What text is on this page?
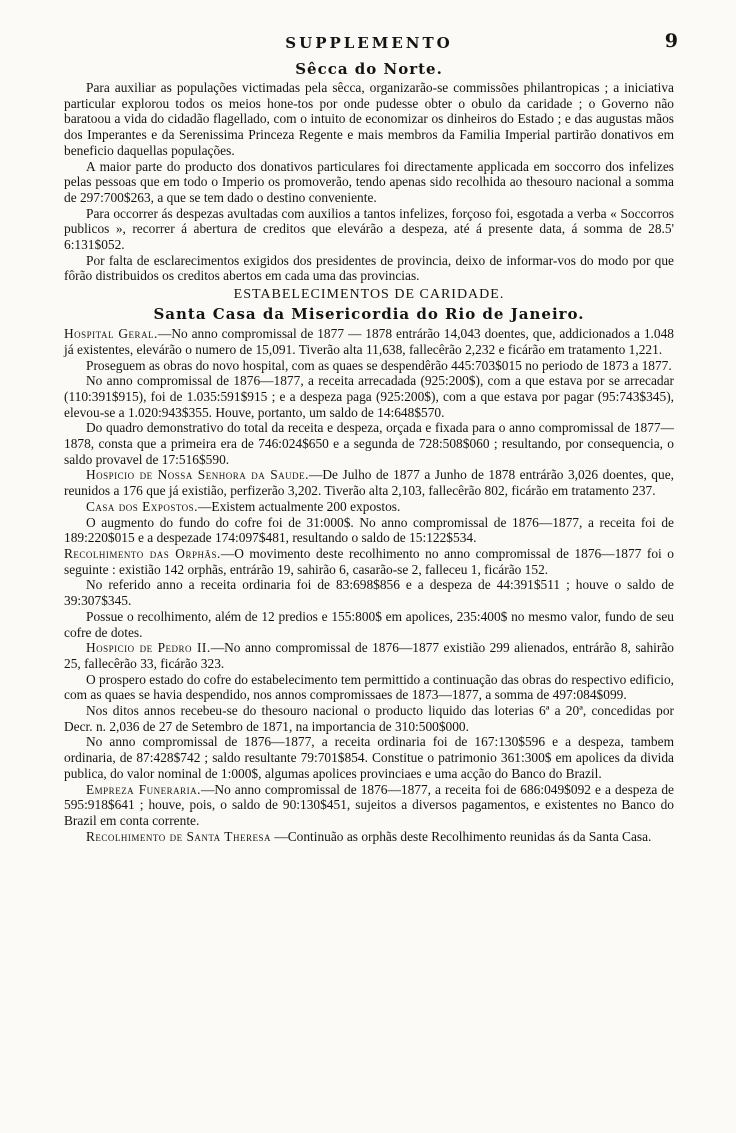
SUPPLEMENTO	9
Sêcca do Norte.

Para auxiliar as populações victimadas pela sêcca, organizarão-se commissões philantropicas ; a iniciativa particular explorou todos os meios hone-tos por onde pudesse obter o obulo da caridade ; o Governo não baratoou a vida do cidadão flagellado, com o intuito de economizar os dinheiros do Estado ; e das augustas mãos dos Imperantes e da Serenissima Princeza Regente e mais membros da Familia Imperial partirão donativos em beneficio daquellas populações.

A maior parte do producto dos donativos particulares foi directamente applicada em soccorro dos infelizes pelas pessoas que em todo o Imperio os promoverão, tendo apenas sido recolhida ao thesouro nacional a somma de 297:700$263, a que se tem dado o destino conveniente.

Para occorrer ás despezas avultadas com auxilios a tantos infelizes, forçoso foi, esgotada a verba « Soccorros publicos », recorrer á abertura de creditos que elevárão a despeza, até á presente data, á somma de 28.5' 6:131$052.

Por falta de esclarecimentos exigidos dos presidentes de provincia, deixo de informar-vos do modo por que fôrão distribuidos os creditos abertos em cada uma das provincias.

ESTABELECIMENTOS DE CARIDADE.
Santa Casa da Misericordia do Rio de Janeiro.

Hospital Geral.—No anno compromissal de 1877 — 1878 entrárão 14,043 doentes, que, addicionados a 1.048 já existentes, elevárão o numero de 15,091. Tiverão alta 11,638, fallecêrão 2,232 e ficárão em tratamento 1,221.

Proseguem as obras do novo hospital, com as quaes se despendêrão 445:703$015 no periodo de 1873 a 1877.

No anno compromissal de 1876—1877, a receita arrecadada (925:200$), com a que estava por se arrecadar (110:391$915), foi de 1.035:591$915 ; e a despeza paga (925:200$), com a que estava por pagar (95:743$345), elevou-se a 1.020:943$355. Houve, portanto, um saldo de 14:648$570.

Do quadro demonstrativo do total da receita e despeza, orçada e fixada para o anno compromissal de 1877—1878, consta que a primeira era de 746:024$650 e a segunda de 728:508$060 ; resultando, por consequencia, o saldo provavel de 17:516$590.

Hospicio de Nossa Senhora da Saude.—De Julho de 1877 a Junho de 1878 entrárão 3,026 doentes, que, reunidos a 176 que já existião, perfizerão 3,202. Tiverão alta 2,103, fallecêrão 802, ficárão em tratamento 237.

Casa dos Expostos.—Existem actualmente 200 expostos.

O augmento do fundo do cofre foi de 31:000$. No anno compromissal de 1876—1877, a receita foi de 189:220$015 e a despezade 174:097$481, resultando o saldo de 15:122$534.

Recolhimento das Orphãs.—O movimento deste recolhimento no anno compromissal de 1876—1877 foi o seguinte : existião 142 orphãs, entrárão 19, sahirão 6, casarão-se 2, falleceu 1, ficárão 152.

No referido anno a receita ordinaria foi de 83:698$856 e a despeza de 44:391$511 ; houve o saldo de 39:307$345.

Possue o recolhimento, além de 12 predios e 155:800$ em apolices, 235:400$ no mesmo valor, fundo de seu cofre de dotes.

Hospicio de Pedro II.—No anno compromissal de 1876—1877 existião 299 alienados, entrárão 8, sahirão 25, fallecêrão 33, ficárão 323.

O prospero estado do cofre do estabelecimento tem permittido a continuação das obras do respectivo edificio, com as quaes se havia despendido, nos annos compromissaes de 1873—1877, a somma de 497:084$099.

Nos ditos annos recebeu-se do thesouro nacional o producto liquido das loterias 6ª a 20ª, concedidas por Decr. n. 2,036 de 27 de Setembro de 1871, na importancia de 310:500$000.

No anno compromissal de 1876—1877, a receita ordinaria foi de 167:130$596 e a despeza, tambem ordinaria, de 87:428$742 ; saldo resultante 79:701$854. Constitue o patrimonio 361:300$ em apolices da divida publica, do valor nominal de 1:000$, algumas apolices provinciaes e uma acção do Banco do Brazil.

Empreza Funeraria.—No anno compromissal de 1876—1877, a receita foi de 686:049$092 e a despeza de 595:918$641 ; houve, pois, o saldo de 90:130$451, sujeitos a diversos pagamentos, e existentes no Banco do Brazil em conta corrente.

Recolhimento de Santa Theresa —Continuão as orphãs deste Recolhimento reunidas ás da Santa Casa.
